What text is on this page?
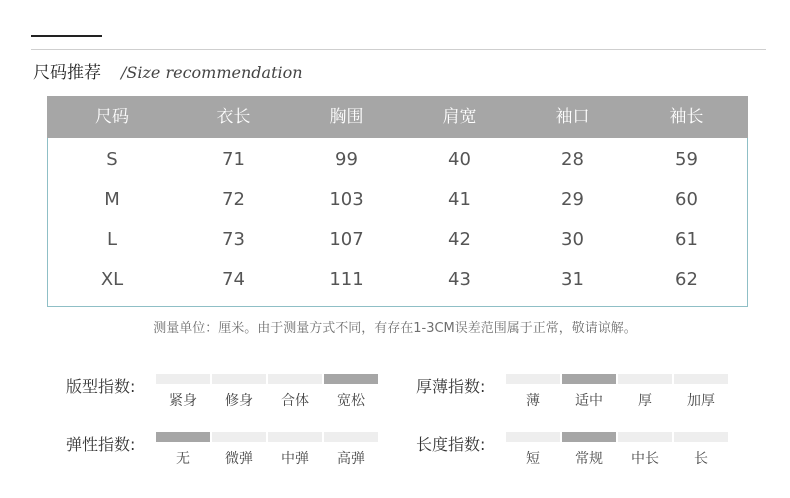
尺码推荐 /Size recommendation
尺码	衣长	胸围	肩宽	袖口	袖长
S	71	99	40	28	59
M	72	103	41	29	60
L	73	107	42	30	61
XL	74	111	43	31	62
测量单位：厘米。由于测量方式不同，有存在1-3CM误差范围属于正常，敬请谅解。
版型指数:
紧身	修身	合体	宽松
厚薄指数:
薄	适中	厚	加厚
弹性指数:
无	微弹	中弹	高弹
长度指数:
短	常规	中长	长
